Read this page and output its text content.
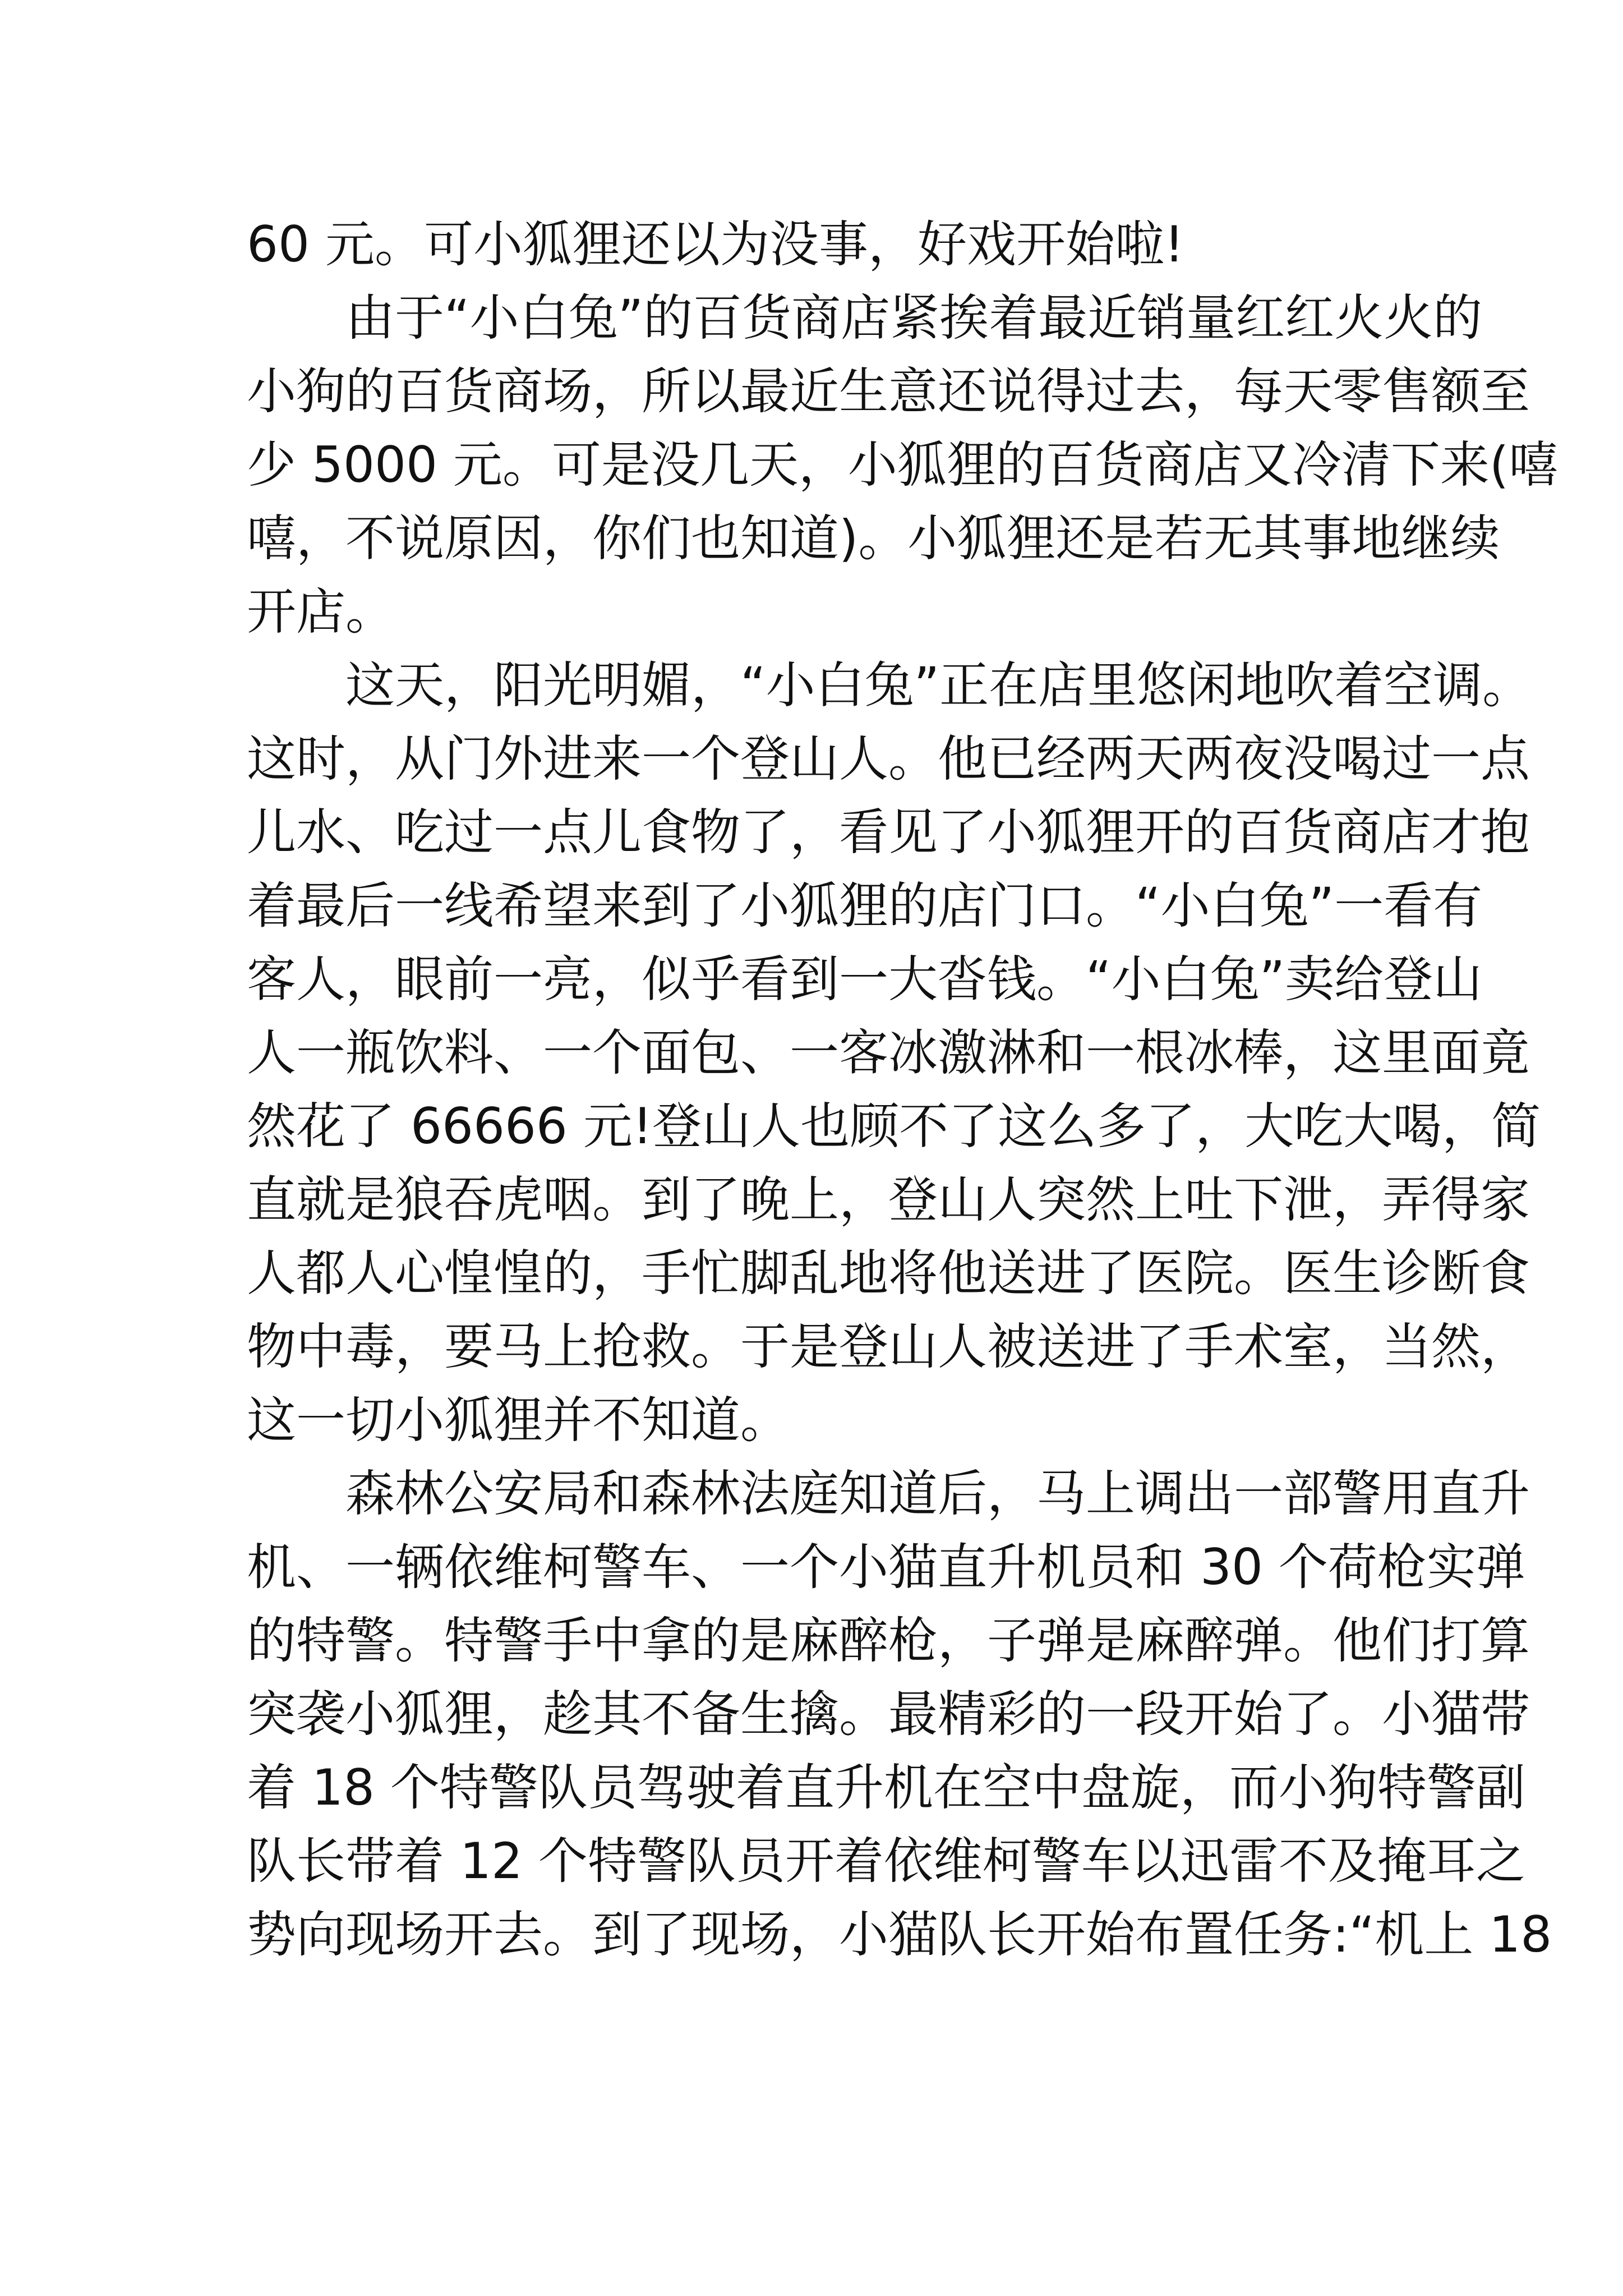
60 元。可小狐狸还以为没事，好戏开始啦!
由于“小白兔”的百货商店紧挨着最近销量红红火火的
小狗的百货商场，所以最近生意还说得过去，每天零售额至
少 5000 元。可是没几天，小狐狸的百货商店又冷清下来(嘻
嘻，不说原因，你们也知道)。小狐狸还是若无其事地继续
开店。
这天，阳光明媚，“小白兔”正在店里悠闲地吹着空调。
这时，从门外进来一个登山人。他已经两天两夜没喝过一点
儿水、吃过一点儿食物了，看见了小狐狸开的百货商店才抱
着最后一线希望来到了小狐狸的店门口。“小白兔”一看有
客人，眼前一亮，似乎看到一大沓钱。“小白兔”卖给登山
人一瓶饮料、一个面包、一客冰激淋和一根冰棒，这里面竟
然花了 66666 元!登山人也顾不了这么多了，大吃大喝，简
直就是狼吞虎咽。到了晚上，登山人突然上吐下泄，弄得家
人都人心惶惶的，手忙脚乱地将他送进了医院。医生诊断食
物中毒，要马上抢救。于是登山人被送进了手术室，当然，
这一切小狐狸并不知道。
森林公安局和森林法庭知道后，马上调出一部警用直升
机、一辆依维柯警车、一个小猫直升机员和 30 个荷枪实弹
的特警。特警手中拿的是麻醉枪，子弹是麻醉弹。他们打算
突袭小狐狸，趁其不备生擒。最精彩的一段开始了。小猫带
着 18 个特警队员驾驶着直升机在空中盘旋，而小狗特警副
队长带着 12 个特警队员开着依维柯警车以迅雷不及掩耳之
势向现场开去。到了现场，小猫队长开始布置任务:“机上 18
